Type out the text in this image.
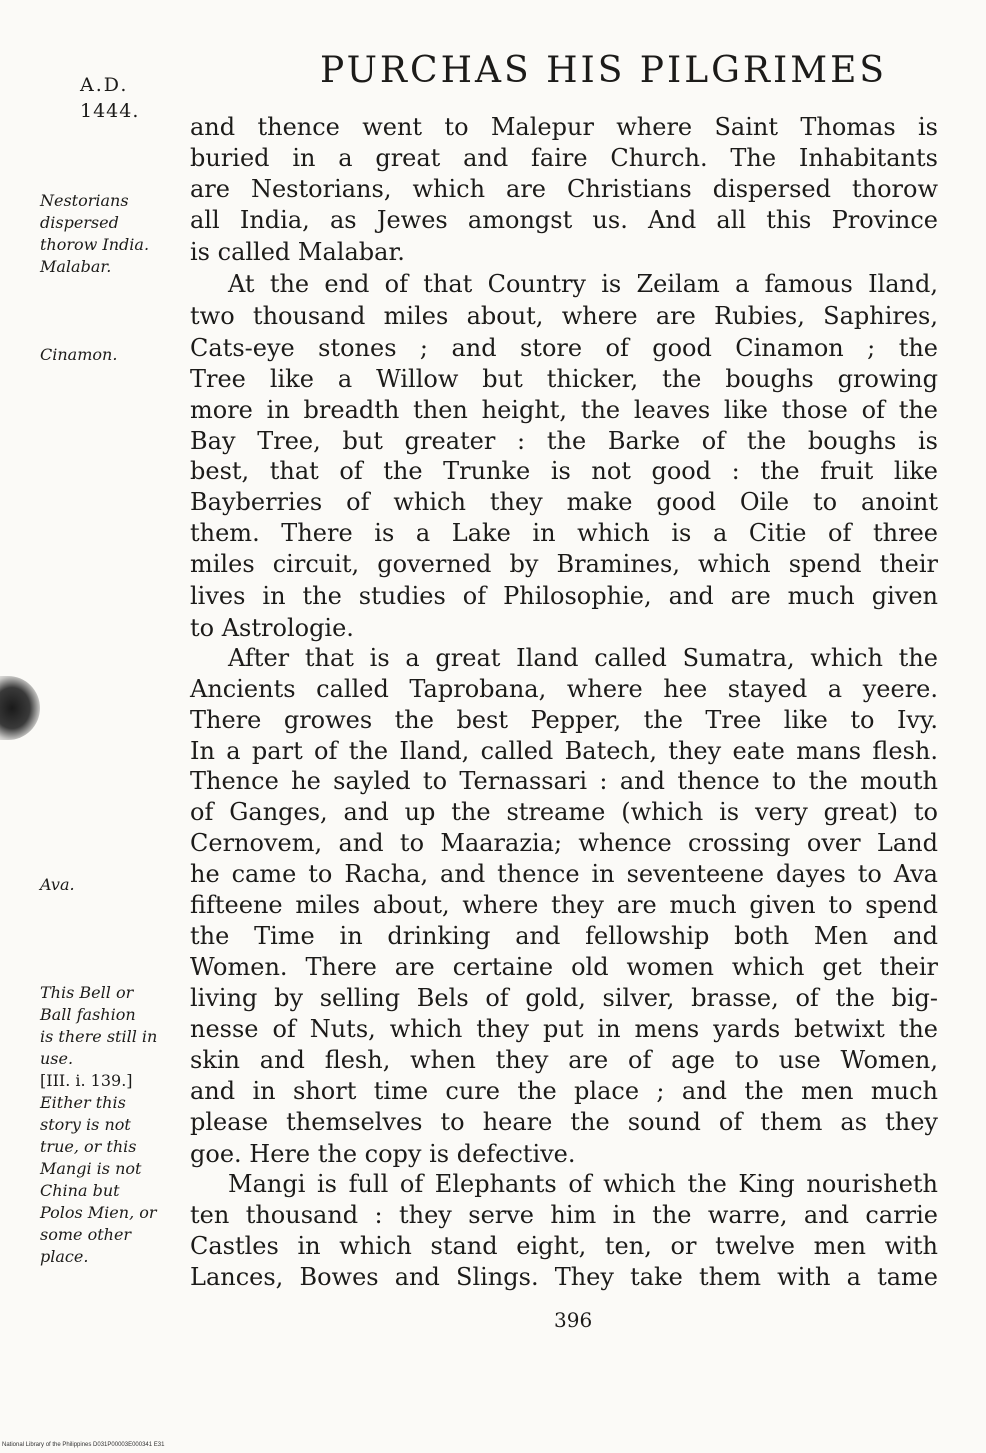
A.D.
1444.
PURCHAS HIS PILGRIMES
Nestorians
dispersed
thorow India.
Malabar.
Cinamon.
Ava.
This Bell or
Ball fashion
is there still in
use.
[III. i. 139.]
Either this
story is not
true, or this
Mangi is not
China but
Polos Mien, or
some other
place.
and thence went to Malepur where Saint Thomas is
buried in a great and faire Church. The Inhabitants
are Nestorians, which are Christians dispersed thorow
all India, as Jewes amongst us. And all this Province
is called Malabar.
At the end of that Country is Zeilam a famous Iland,
two thousand miles about, where are Rubies, Saphires,
Cats-eye stones ; and store of good Cinamon ; the
Tree like a Willow but thicker, the boughs growing
more in breadth then height, the leaves like those of the
Bay Tree, but greater : the Barke of the boughs is
best, that of the Trunke is not good : the fruit like
Bayberries of which they make good Oile to anoint
them. There is a Lake in which is a Citie of three
miles circuit, governed by Bramines, which spend their
lives in the studies of Philosophie, and are much given
to Astrologie.
After that is a great Iland called Sumatra, which the
Ancients called Taprobana, where hee stayed a yeere.
There growes the best Pepper, the Tree like to Ivy.
In a part of the Iland, called Batech, they eate mans flesh.
Thence he sayled to Ternassari : and thence to the mouth
of Ganges, and up the streame (which is very great) to
Cernovem, and to Maarazia; whence crossing over Land
he came to Racha, and thence in seventeene dayes to Ava
fifteene miles about, where they are much given to spend
the Time in drinking and fellowship both Men and
Women. There are certaine old women which get their
living by selling Bels of gold, silver, brasse, of the big-
nesse of Nuts, which they put in mens yards betwixt the
skin and flesh, when they are of age to use Women,
and in short time cure the place ; and the men much
please themselves to heare the sound of them as they
goe. Here the copy is defective.
Mangi is full of Elephants of which the King nourisheth
ten thousand : they serve him in the warre, and carrie
Castles in which stand eight, ten, or twelve men with
Lances, Bowes and Slings. They take them with a tame
396
National Library of the Philippines D031P00003E000341 E31
